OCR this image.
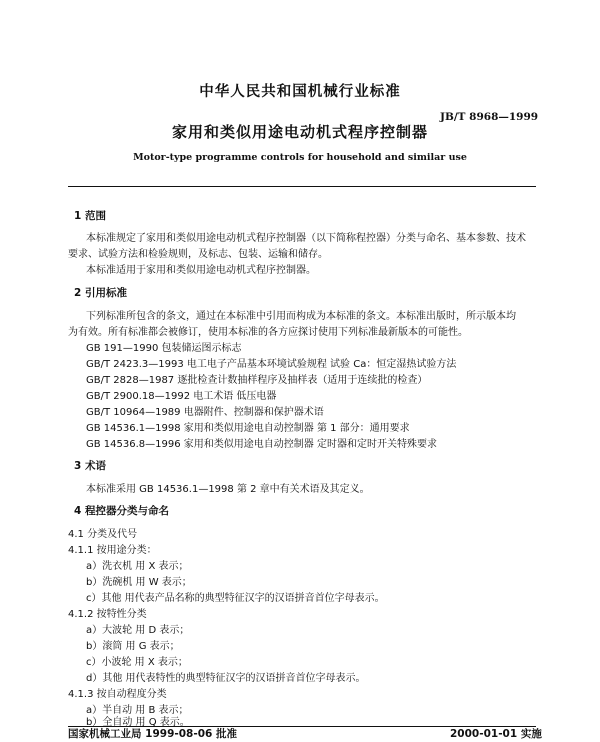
中华人民共和国机械行业标准
JB/T 8968—1999
家用和类似用途电动机式程序控制器
Motor-type programme controls for household and similar use
1 范围
本标准规定了家用和类似用途电动机式程序控制器（以下简称程控器）分类与命名、基本参数、技术
要求、试验方法和检验规则，及标志、包装、运输和储存。
本标准适用于家用和类似用途电动机式程序控制器。
2 引用标准
下列标准所包含的条文，通过在本标准中引用而构成为本标准的条文。本标准出版时，所示版本均
为有效。所有标准都会被修订，使用本标准的各方应探讨使用下列标准最新版本的可能性。
GB 191—1990 包装储运图示标志
GB/T 2423.3—1993 电工电子产品基本环境试验规程 试验 Ca：恒定湿热试验方法
GB/T 2828—1987 逐批检查计数抽样程序及抽样表（适用于连续批的检查）
GB/T 2900.18—1992 电工术语 低压电器
GB/T 10964—1989 电器附件、控制器和保护器术语
GB 14536.1—1998 家用和类似用途电自动控制器 第 1 部分：通用要求
GB 14536.8—1996 家用和类似用途电自动控制器 定时器和定时开关特殊要求
3 术语
本标准采用 GB 14536.1—1998 第 2 章中有关术语及其定义。
4 程控器分类与命名
4.1 分类及代号
4.1.1 按用途分类：
a）洗衣机 用 X 表示；
b）洗碗机 用 W 表示；
c）其他 用代表产品名称的典型特征汉字的汉语拼音首位字母表示。
4.1.2 按特性分类
a）大波轮 用 D 表示；
b）滚筒 用 G 表示；
c）小波轮 用 X 表示；
d）其他 用代表特性的典型特征汉字的汉语拼音首位字母表示。
4.1.3 按自动程度分类
a）半自动 用 B 表示；
b）全自动 用 Q 表示。
国家机械工业局 1999-08-06 批准	2000-01-01 实施
